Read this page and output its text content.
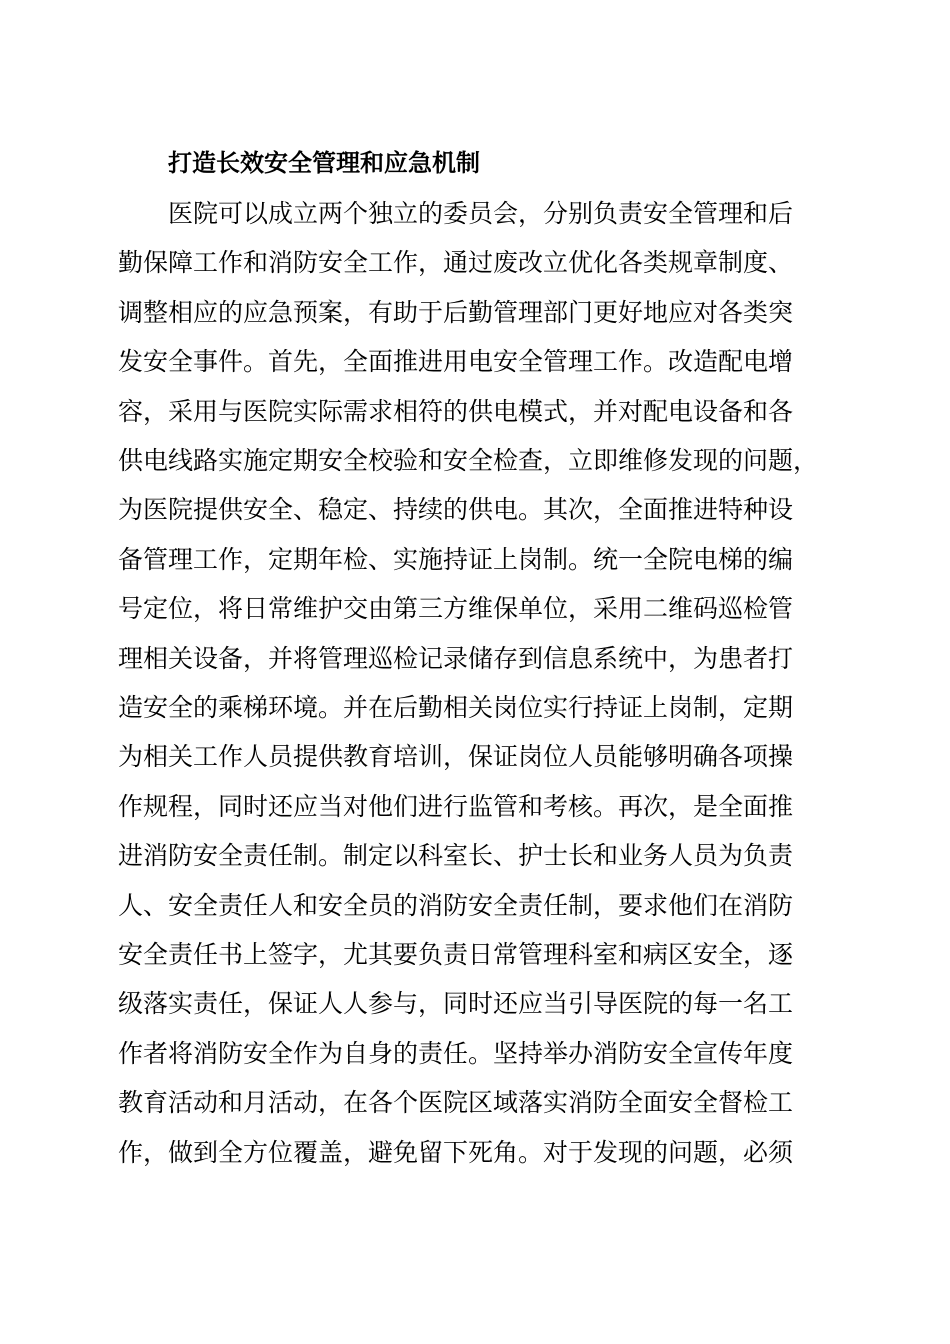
打造长效安全管理和应急机制
医院可以成立两个独立的委员会，分别负责安全管理和后
勤保障工作和消防安全工作，通过废改立优化各类规章制度、
调整相应的应急预案，有助于后勤管理部门更好地应对各类突
发安全事件。首先，全面推进用电安全管理工作。改造配电增
容，采用与医院实际需求相符的供电模式，并对配电设备和各
供电线路实施定期安全校验和安全检查，立即维修发现的问题，
为医院提供安全、稳定、持续的供电。其次，全面推进特种设
备管理工作，定期年检、实施持证上岗制。统一全院电梯的编
号定位，将日常维护交由第三方维保单位，采用二维码巡检管
理相关设备，并将管理巡检记录储存到信息系统中，为患者打
造安全的乘梯环境。并在后勤相关岗位实行持证上岗制，定期
为相关工作人员提供教育培训，保证岗位人员能够明确各项操
作规程，同时还应当对他们进行监管和考核。再次，是全面推
进消防安全责任制。制定以科室长、护士长和业务人员为负责
人、安全责任人和安全员的消防安全责任制，要求他们在消防
安全责任书上签字，尤其要负责日常管理科室和病区安全，逐
级落实责任，保证人人参与，同时还应当引导医院的每一名工
作者将消防安全作为自身的责任。坚持举办消防安全宣传年度
教育活动和月活动，在各个医院区域落实消防全面安全督检工
作，做到全方位覆盖，避免留下死角。对于发现的问题，必须
